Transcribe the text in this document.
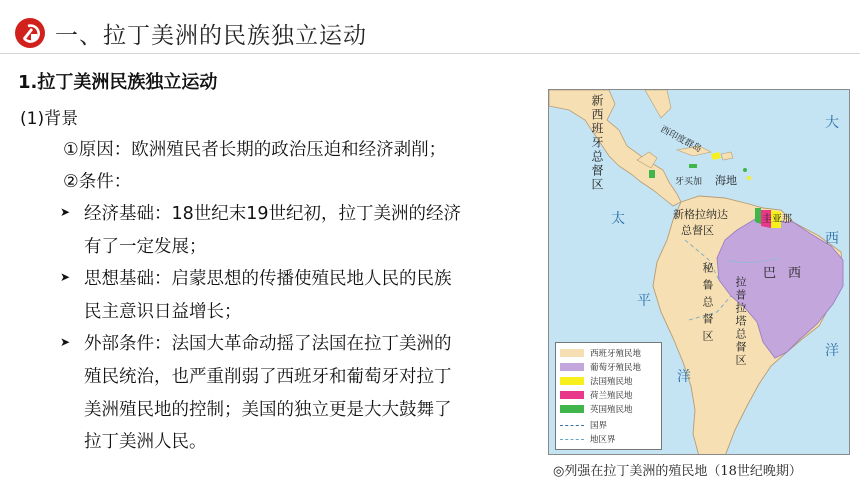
一、拉丁美洲的民族独立运动
1.拉丁美洲民族独立运动
(1)背景
①原因：欧洲殖民者长期的政治压迫和经济剥削；
②条件：
➤ 经济基础：18世纪末19世纪初，拉丁美洲的经济
有了一定发展；
➤ 思想基础：启蒙思想的传播使殖民地人民的民族
民主意识日益增长；
➤ 外部条件：法国大革命动摇了法国在拉丁美洲的
殖民统治，也严重削弱了西班牙和葡萄牙对拉丁
美洲殖民地的控制；美国的独立更是大大鼓舞了
拉丁美洲人民。
新西班牙总督区	西印度群岛
牙买加 海地
新格拉纳达
总督区
圭亚那
巴西
秘鲁总督区 拉普拉塔总督区
太
平
洋
大
西
洋
西班牙殖民地
葡萄牙殖民地
法国殖民地
荷兰殖民地
英国殖民地
国界
地区界
◎列强在拉丁美洲的殖民地（18世纪晚期）
